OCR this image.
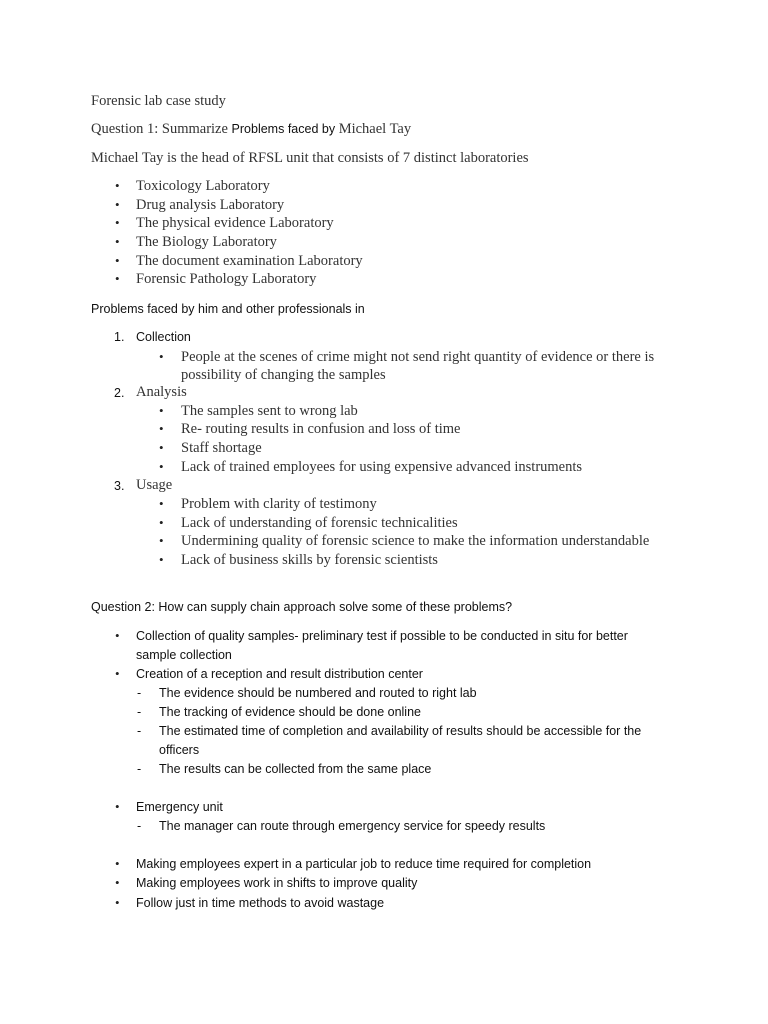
Forensic lab case study
Question 1: Summarize Problems faced by Michael Tay
Michael Tay is the head of RFSL unit that consists of 7 distinct laboratories
• Toxicology Laboratory
• Drug analysis Laboratory
• The physical evidence Laboratory
• The Biology Laboratory
• The document examination Laboratory
• Forensic Pathology Laboratory
Problems faced by him and other professionals in
1. Collection
• People at the scenes of crime might not send right quantity of evidence or there is
possibility of changing the samples
2. Analysis
• The samples sent to wrong lab
• Re- routing results in confusion and loss of time
• Staff shortage
• Lack of trained employees for using expensive advanced instruments
3. Usage
• Problem with clarity of testimony
• Lack of understanding of forensic technicalities
• Undermining quality of forensic science to make the information understandable
• Lack of business skills by forensic scientists
Question 2: How can supply chain approach solve some of these problems?
• Collection of quality samples- preliminary test if possible to be conducted in situ for better
sample collection
• Creation of a reception and result distribution center
- The evidence should be numbered and routed to right lab
- The tracking of evidence should be done online
- The estimated time of completion and availability of results should be accessible for the
officers
- The results can be collected from the same place
• Emergency unit
- The manager can route through emergency service for speedy results
• Making employees expert in a particular job to reduce time required for completion
• Making employees work in shifts to improve quality
• Follow just in time methods to avoid wastage
